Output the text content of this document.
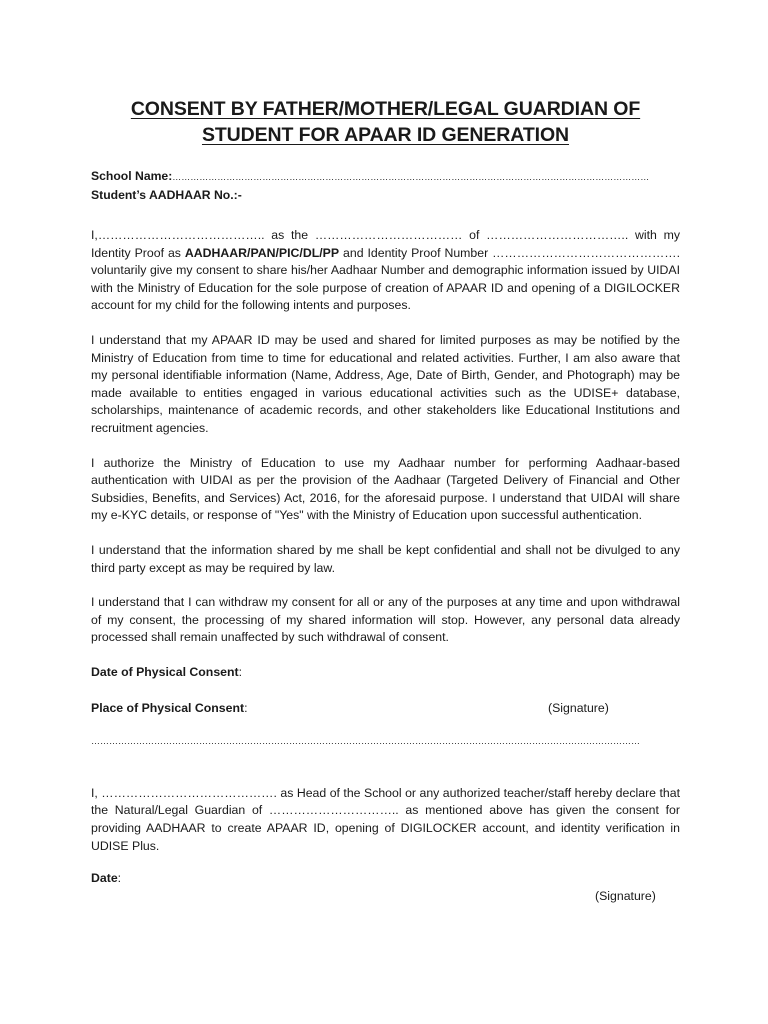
CONSENT BY FATHER/MOTHER/LEGAL GUARDIAN OF
STUDENT FOR APAAR ID GENERATION
School Name:……………………………………………………………………………………………………………………………………………
Student’s AADHAAR No.:-

I,………………………………….. as the ……………………………… of …………………………….. with my Identity Proof as AADHAAR/PAN/PIC/DL/PP and Identity Proof Number ………………………………………. voluntarily give my consent to share his/her Aadhaar Number and demographic information issued by UIDAI with the Ministry of Education for the sole purpose of creation of APAAR ID and opening of a DIGILOCKER account for my child for the following intents and purposes.

I understand that my APAAR ID may be used and shared for limited purposes as may be notified by the Ministry of Education from time to time for educational and related activities. Further, I am also aware that my personal identifiable information (Name, Address, Age, Date of Birth, Gender, and Photograph) may be made available to entities engaged in various educational activities such as the UDISE+ database, scholarships, maintenance of academic records, and other stakeholders like Educational Institutions and recruitment agencies.

I authorize the Ministry of Education to use my Aadhaar number for performing Aadhaar-based authentication with UIDAI as per the provision of the Aadhaar (Targeted Delivery of Financial and Other Subsidies, Benefits, and Services) Act, 2016, for the aforesaid purpose. I understand that UIDAI will share my e-KYC details, or response of "Yes" with the Ministry of Education upon successful authentication.

I understand that the information shared by me shall be kept confidential and shall not be divulged to any third party except as may be required by law.

I understand that I can withdraw my consent for all or any of the purposes at any time and upon withdrawal of my consent, the processing of my shared information will stop. However, any personal data already processed shall remain unaffected by such withdrawal of consent.

Date of Physical Consent:
Place of Physical Consent:	(Signature)
…………………………………………………………………………………………………………………………………………………………………

I, ……………………………………. as Head of the School or any authorized teacher/staff hereby declare that the Natural/Legal Guardian of ………………………….. as mentioned above has given the consent for providing AADHAAR to create APAAR ID, opening of DIGILOCKER account, and identity verification in UDISE Plus.

Date:
(Signature)
